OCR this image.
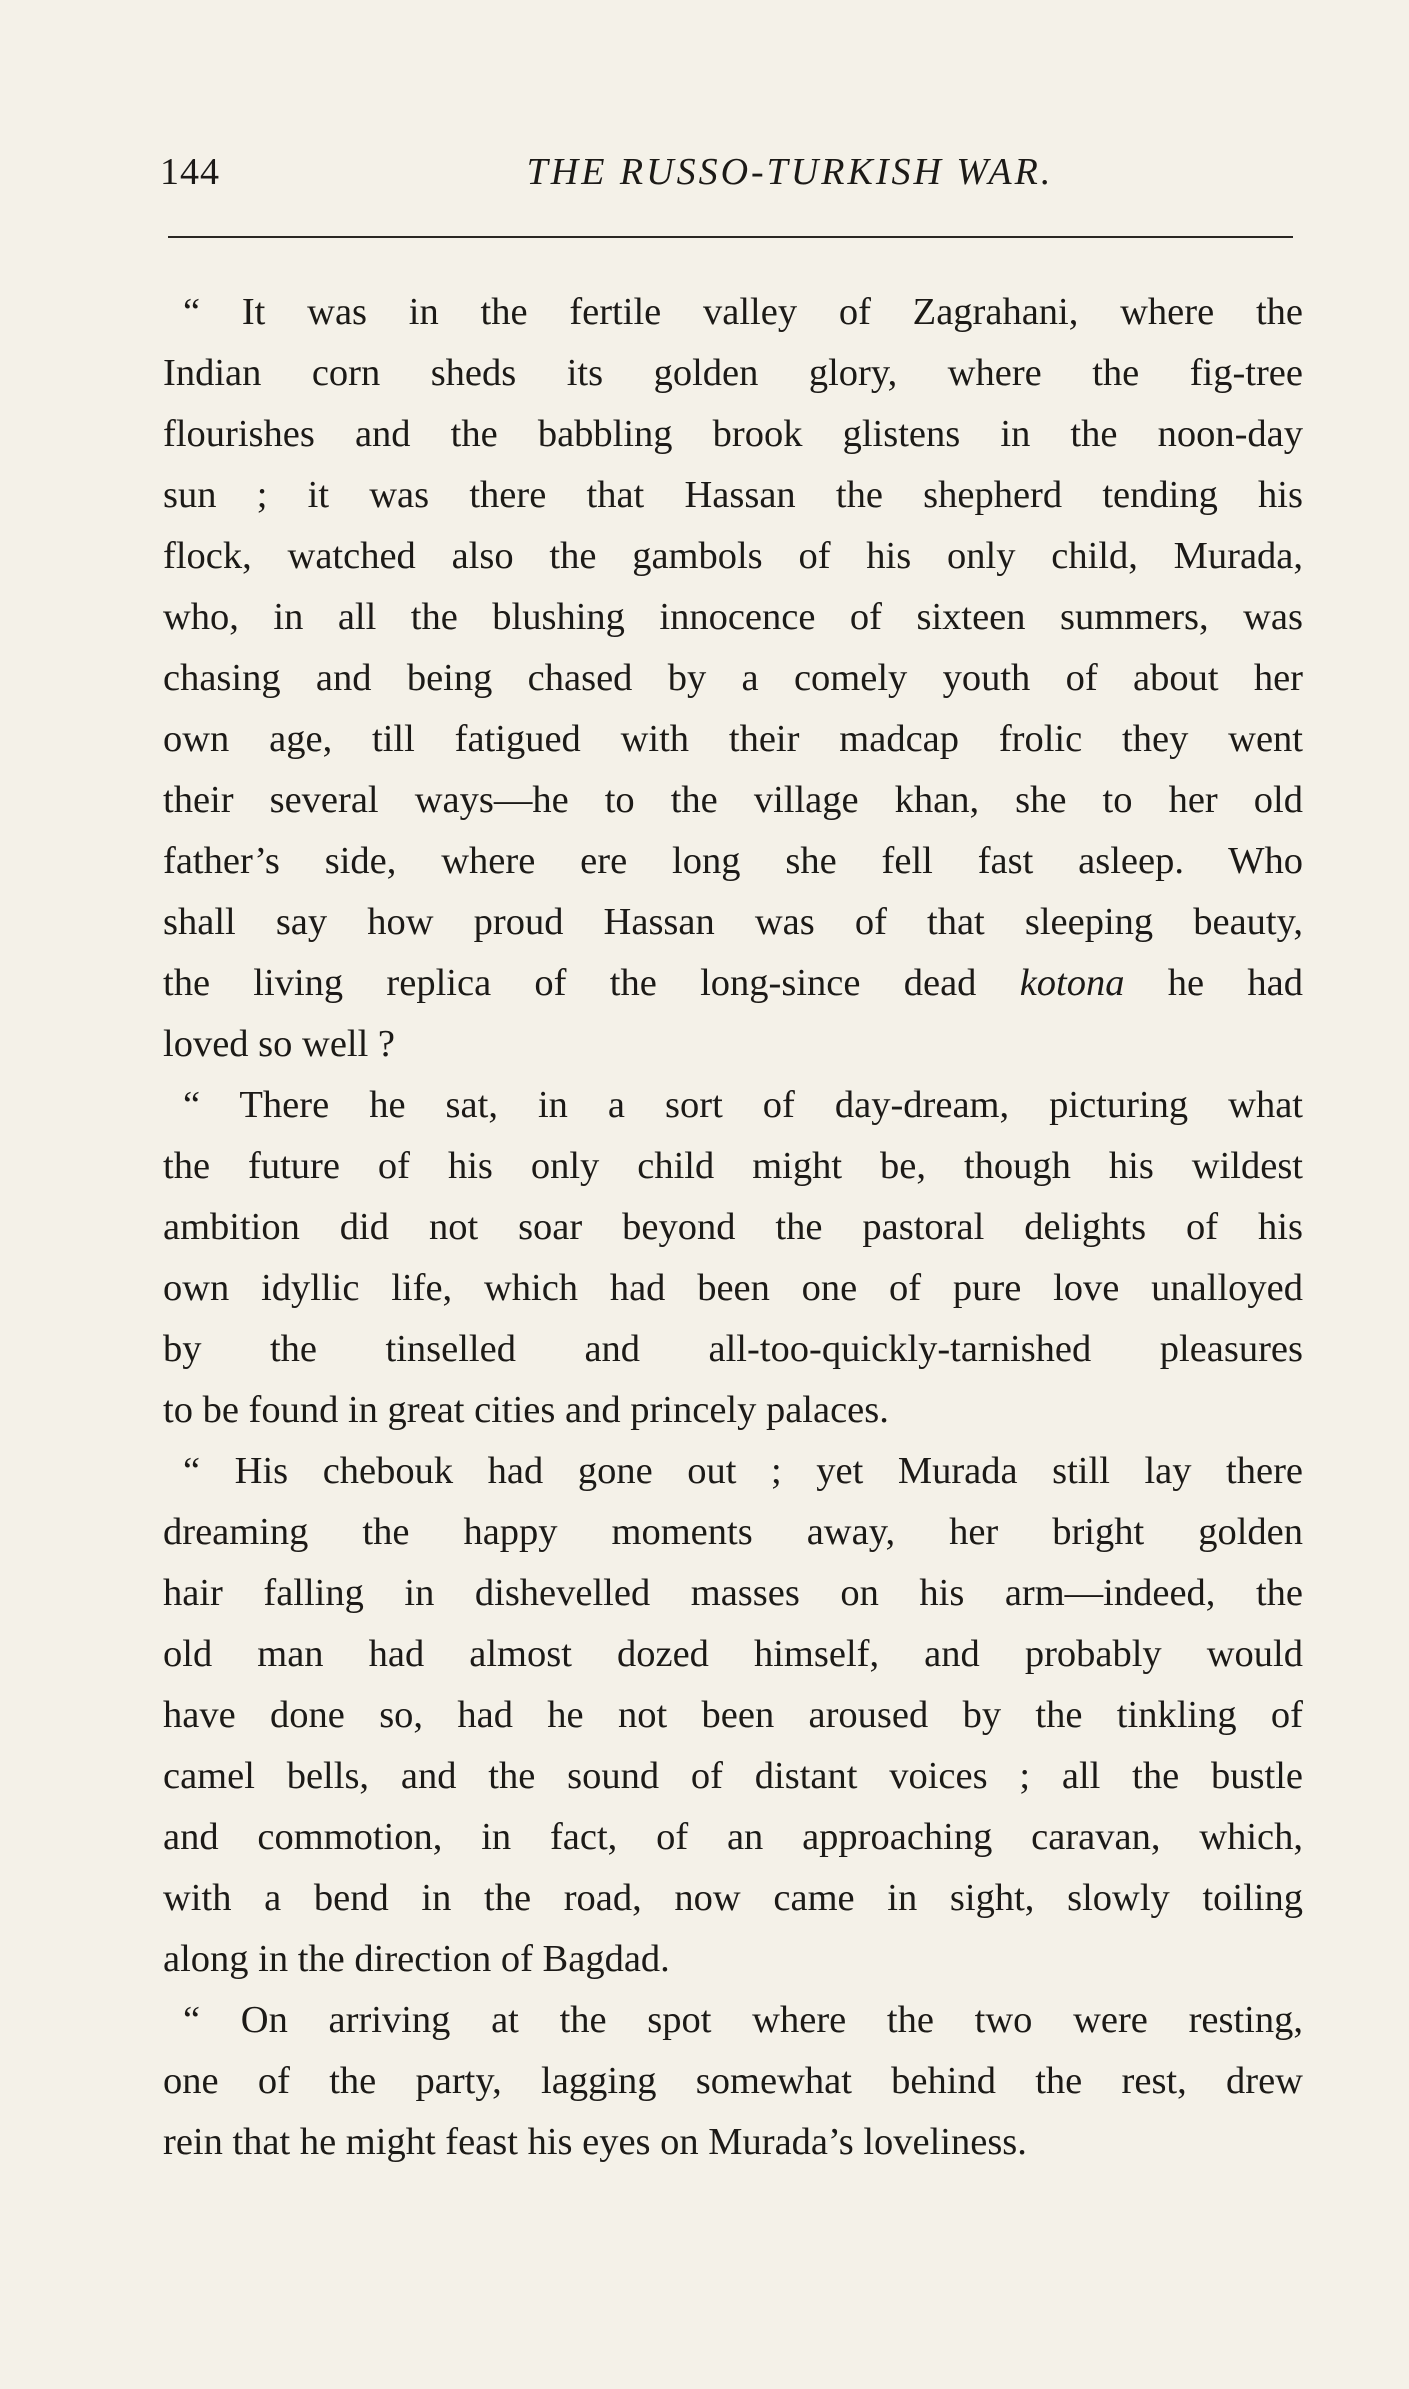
144	THE RUSSO-TURKISH WAR.

“ It was in the fertile valley of Zagrahani, where the
Indian corn sheds its golden glory, where the fig-tree
flourishes and the babbling brook glistens in the noon-day
sun ; it was there that Hassan the shepherd tending his
flock, watched also the gambols of his only child, Murada,
who, in all the blushing innocence of sixteen summers, was
chasing and being chased by a comely youth of about her
own age, till fatigued with their madcap frolic they went
their several ways—he to the village khan, she to her old
father’s side, where ere long she fell fast asleep. Who
shall say how proud Hassan was of that sleeping beauty,
the living replica of the long-since dead kotona he had
loved so well ?

“ There he sat, in a sort of day-dream, picturing what
the future of his only child might be, though his wildest
ambition did not soar beyond the pastoral delights of his
own idyllic life, which had been one of pure love unalloyed
by the tinselled and all-too-quickly-tarnished pleasures
to be found in great cities and princely palaces.

“ His chebouk had gone out ; yet Murada still lay there
dreaming the happy moments away, her bright golden
hair falling in dishevelled masses on his arm—indeed, the
old man had almost dozed himself, and probably would
have done so, had he not been aroused by the tinkling of
camel bells, and the sound of distant voices ; all the bustle
and commotion, in fact, of an approaching caravan, which,
with a bend in the road, now came in sight, slowly toiling
along in the direction of Bagdad.

“ On arriving at the spot where the two were resting,
one of the party, lagging somewhat behind the rest, drew
rein that he might feast his eyes on Murada’s loveliness.
